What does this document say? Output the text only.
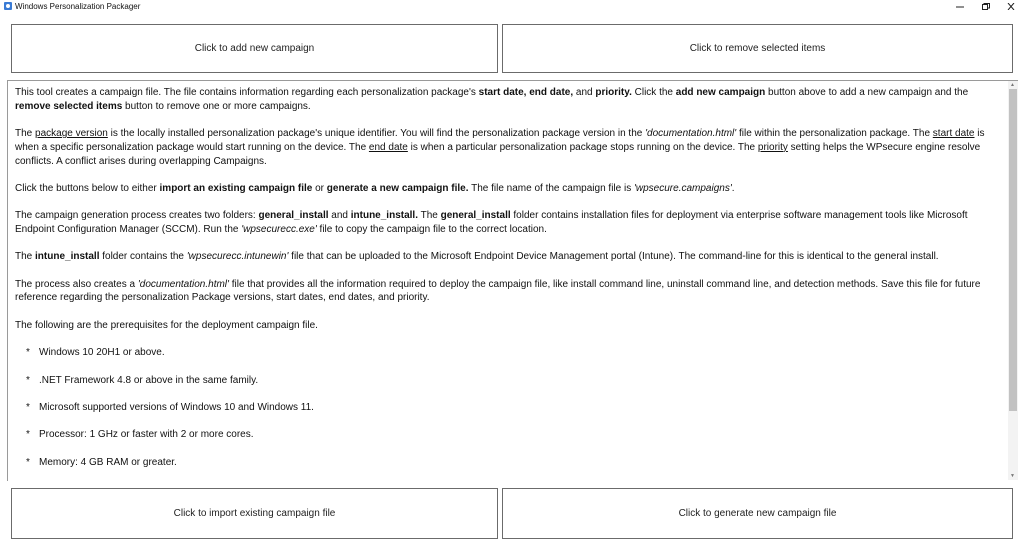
Windows Personalization Packager
Click to add new campaign	Click to remove selected items

This tool creates a campaign file. The file contains information regarding each personalization package's start date, end date, and priority. Click the add new campaign button above to add a new campaign and the remove selected items button to remove one or more campaigns.

The package version is the locally installed personalization package's unique identifier. You will find the personalization package version in the 'documentation.html' file within the personalization package. The start date is when a specific personalization package would start running on the device. The end date is when a particular personalization package stops running on the device. The priority setting helps the WPsecure engine resolve conflicts. A conflict arises during overlapping Campaigns.

Click the buttons below to either import an existing campaign file or generate a new campaign file. The file name of the campaign file is 'wpsecure.campaigns'.

The campaign generation process creates two folders: general_install and intune_install. The general_install folder contains installation files for deployment via enterprise software management tools like Microsoft Endpoint Configuration Manager (SCCM). Run the 'wpsecurecc.exe' file to copy the campaign file to the correct location.

The intune_install folder contains the 'wpsecurecc.intunewin' file that can be uploaded to the Microsoft Endpoint Device Management portal (Intune). The command-line for this is identical to the general install.

The process also creates a 'documentation.html' file that provides all the information required to deploy the campaign file, like install command line, uninstall command line, and detection methods. Save this file for future reference regarding the personalization Package versions, start dates, end dates, and priority.

The following are the prerequisites for the deployment campaign file.

* Windows 10 20H1 or above.
* .NET Framework 4.8 or above in the same family.
* Microsoft supported versions of Windows 10 and Windows 11.
* Processor: 1 GHz or faster with 2 or more cores.
* Memory: 4 GB RAM or greater.
▲
▼
Click to import existing campaign file	Click to generate new campaign file
